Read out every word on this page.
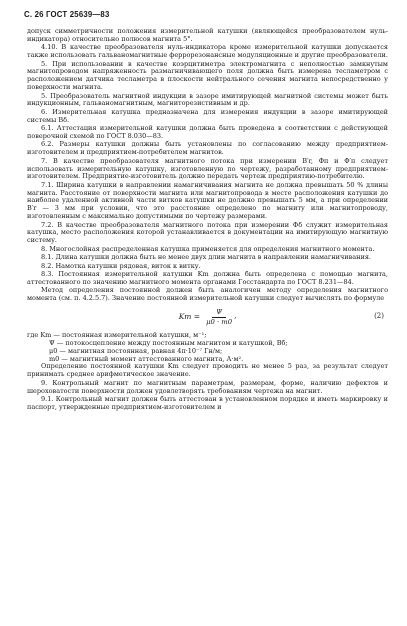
С. 26 ГОСТ 25639—83

допуск симметричности положения измерительной катушки (являющейся преобразователем нуль-индикатора) относительно полюсов магнита 5°.

4.10. В качестве преобразователя нуль-индикатора кроме измерительной катушки допускается также использовать гальваномагнитные феррорезонансные модуляционные и другие преобразователи.

5. При использовании в качестве коэрцитиметра электромагнита с неполностью замкнутым магнитопроводом напряженность размагничивающего поля должна быть измерена тесламетром с расположением датчика тесламетра в плоскости нейтрального сечения магнита непосредственно у поверхности магнита.

5. Преобразователь магнитной индукции в зазоре имитирующей магнитной системы может быть индукционным, гальваномагнитным, магниторезистивным и др.

6. Измерительная катушка предназначена для измерения индукции в зазоре имитирующей системы Bδ.

6.1. Аттестация измерительной катушки должна быть проведена в соответствии с действующей поверочной схемой по ГОСТ 8.030—83.

6.2. Размеры катушки должны быть установлены по согласованию между предприятием-изготовителем и предприятием-потребителем магнитов.

7. В качестве преобразователя магнитного потока при измерении B′r, Φп и Φ′п следует использовать измерительную катушку, изготовленную по чертежу, разработанному предприятием-изготовителем. Предприятие-изготовитель должно передать чертеж предприятию-потребителю.

7.1. Ширина катушки в направлении намагничивания магнита не должна превышать 50 % длины магнита. Расстояние от поверхности магнита или магнитопровода в месте расположения катушки до наиболее удаленной активной части витков катушки не должно превышать 5 мм, а при определении B′r — 3 мм при условии, что это расстояние определено по магниту или магнитопроводу, изготовленным с максимально допустимыми по чертежу размерами.

7.2. В качестве преобразователя магнитного потока при измерении Φδ служит измерительная катушка, место расположения которой устанавливается в документации на имитирующую магнитную систему.

8. Многослойная распределенная катушка применяется для определения магнитного момента.

8.1. Длина катушки должна быть не менее двух длин магнита в направлении намагничивания.

8.2. Намотка катушки рядовая, виток к витку.

8.3. Постоянная измерительной катушки Km должна быть определена с помощью магнита, аттестованного по значению магнитного момента органами Госстандарта по ГОСТ 8.231—84.

Метод определения постоянной должен быть аналогичен методу определения магнитного момента (см. п. 4.2.5.7). Значение постоянной измерительной катушки следует вычислять по формуле

$Km = \frac{\Psi}{\mu 0 \cdot m0}$ ,	(2)

где Km — постоянная измерительной катушки, м⁻¹;

Ψ — потокосцепление между постоянным магнитом и катушкой, Вб;

μ0 — магнитная постоянная, равная 4π·10⁻⁷ Гн/м;

m0 — магнитный момент аттестованного магнита, А·м².

Определение постоянной катушки Km следует проводить не менее 5 раз, за результат следует принимать среднее арифметическое значение.

9. Контрольный магнит по магнитным параметрам, размерам, форме, наличию дефектов и шероховатости поверхности должен удовлетворять требованиям чертежа на магнит.

9.1. Контрольный магнит должен быть аттестован в установленном порядке и иметь маркировку и паспорт, утвержденные предприятием-изготовителем и
